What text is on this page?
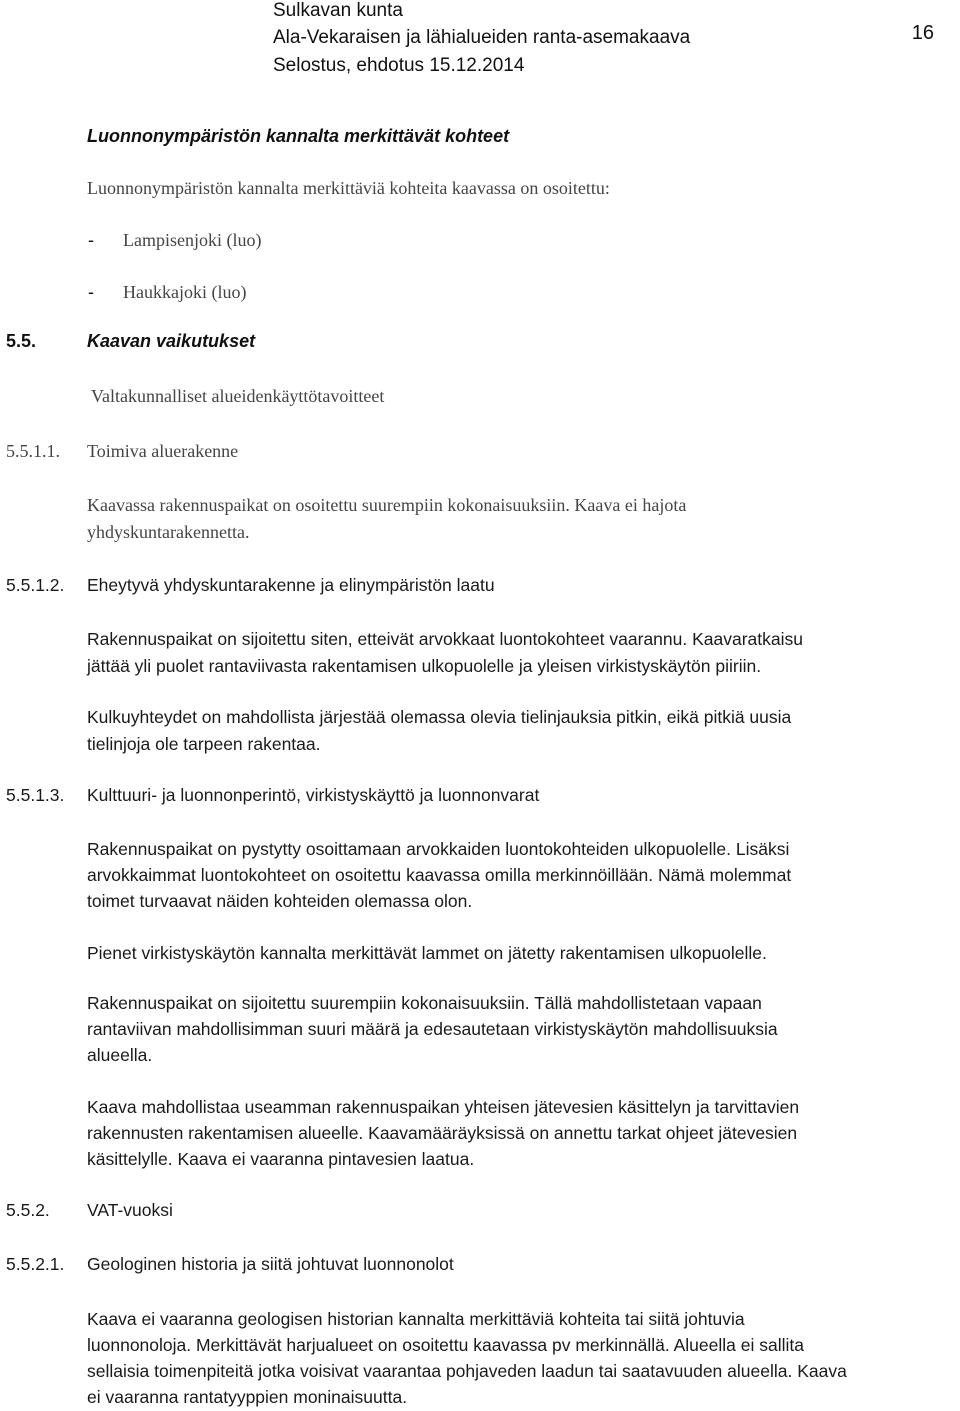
Sulkavan kunta
Ala-Vekaraisen ja lähialueiden ranta-asemakaava
Selostus, ehdotus 15.12.2014
16
Luonnonympäristön kannalta merkittävät kohteet
Luonnonympäristön kannalta merkittäviä kohteita kaavassa on osoitettu:
- Lampisenjoki (luo)
- Haukkajoki (luo)
5.5.	Kaavan vaikutukset
Valtakunnalliset alueidenkäyttötavoitteet
5.5.1.1. Toimiva aluerakenne
Kaavassa rakennuspaikat on osoitettu suurempiin kokonaisuuksiin. Kaava ei hajota
yhdyskuntarakennetta.
5.5.1.2. Eheytyvä yhdyskuntarakenne ja elinympäristön laatu
Rakennuspaikat on sijoitettu siten, etteivät arvokkaat luontokohteet vaarannu. Kaavaratkaisu
jättää yli puolet rantaviivasta rakentamisen ulkopuolelle ja yleisen virkistyskäytön piiriin.
Kulkuyhteydet on mahdollista järjestää olemassa olevia tielinjauksia pitkin, eikä pitkiä uusia
tielinjoja ole tarpeen rakentaa.
5.5.1.3. Kulttuuri- ja luonnonperintö, virkistyskäyttö ja luonnonvarat
Rakennuspaikat on pystytty osoittamaan arvokkaiden luontokohteiden ulkopuolelle. Lisäksi
arvokkaimmat luontokohteet on osoitettu kaavassa omilla merkinnöillään. Nämä molemmat
toimet turvaavat näiden kohteiden olemassa olon.
Pienet virkistyskäytön kannalta merkittävät lammet on jätetty rakentamisen ulkopuolelle.
Rakennuspaikat on sijoitettu suurempiin kokonaisuuksiin. Tällä mahdollistetaan vapaan
rantaviivan mahdollisimman suuri määrä ja edesautetaan virkistyskäytön mahdollisuuksia
alueella.
Kaava mahdollistaa useamman rakennuspaikan yhteisen jätevesien käsittelyn ja tarvittavien
rakennusten rakentamisen alueelle. Kaavamääräyksissä on annettu tarkat ohjeet jätevesien
käsittelylle. Kaava ei vaaranna pintavesien laatua.
5.5.2. VAT-vuoksi
5.5.2.1. Geologinen historia ja siitä johtuvat luonnonolot
Kaava ei vaaranna geologisen historian kannalta merkittäviä kohteita tai siitä johtuvia
luonnonoloja. Merkittävät harjualueet on osoitettu kaavassa pv merkinnällä. Alueella ei sallita
sellaisia toimenpiteitä jotka voisivat vaarantaa pohjaveden laadun tai saatavuuden alueella. Kaava
ei vaaranna rantatyyppien moninaisuutta.
